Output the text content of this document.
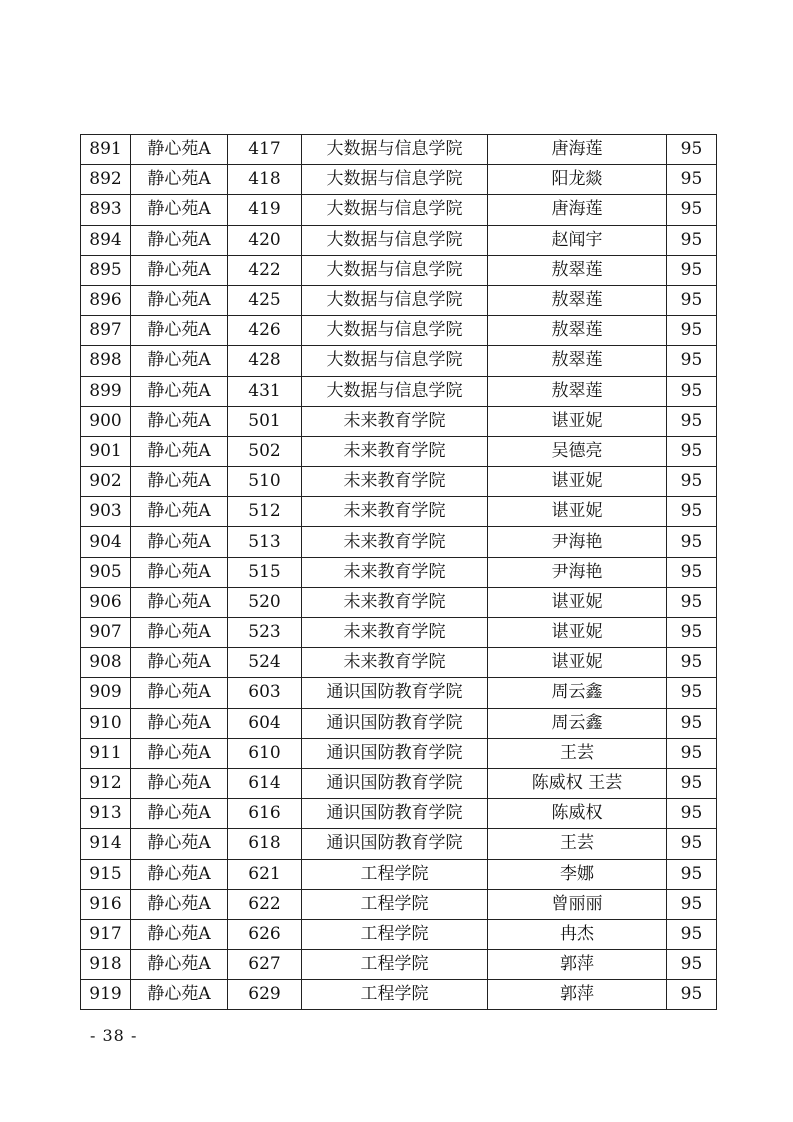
891	静心苑A	417	大数据与信息学院	唐海莲	95
892	静心苑A	418	大数据与信息学院	阳龙燚	95
893	静心苑A	419	大数据与信息学院	唐海莲	95
894	静心苑A	420	大数据与信息学院	赵闻宇	95
895	静心苑A	422	大数据与信息学院	敖翠莲	95
896	静心苑A	425	大数据与信息学院	敖翠莲	95
897	静心苑A	426	大数据与信息学院	敖翠莲	95
898	静心苑A	428	大数据与信息学院	敖翠莲	95
899	静心苑A	431	大数据与信息学院	敖翠莲	95
900	静心苑A	501	未来教育学院	谌亚妮	95
901	静心苑A	502	未来教育学院	吴德亮	95
902	静心苑A	510	未来教育学院	谌亚妮	95
903	静心苑A	512	未来教育学院	谌亚妮	95
904	静心苑A	513	未来教育学院	尹海艳	95
905	静心苑A	515	未来教育学院	尹海艳	95
906	静心苑A	520	未来教育学院	谌亚妮	95
907	静心苑A	523	未来教育学院	谌亚妮	95
908	静心苑A	524	未来教育学院	谌亚妮	95
909	静心苑A	603	通识国防教育学院	周云鑫	95
910	静心苑A	604	通识国防教育学院	周云鑫	95
911	静心苑A	610	通识国防教育学院	王芸	95
912	静心苑A	614	通识国防教育学院	陈威权 王芸	95
913	静心苑A	616	通识国防教育学院	陈威权	95
914	静心苑A	618	通识国防教育学院	王芸	95
915	静心苑A	621	工程学院	李娜	95
916	静心苑A	622	工程学院	曾丽丽	95
917	静心苑A	626	工程学院	冉杰	95
918	静心苑A	627	工程学院	郭萍	95
919	静心苑A	629	工程学院	郭萍	95
- 38 -
